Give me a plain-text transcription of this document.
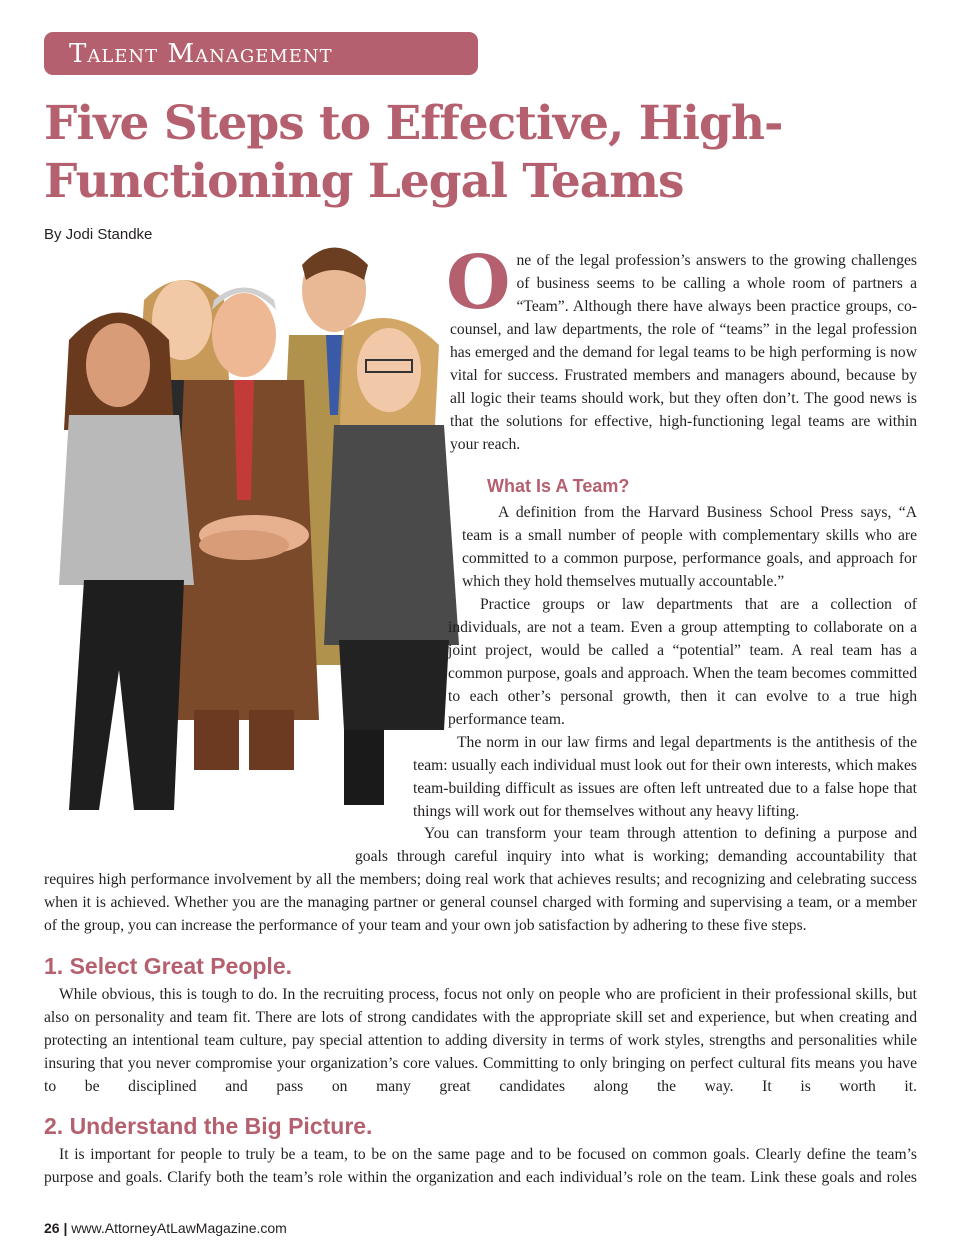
Talent Management
Five Steps to Effective, High- Functioning Legal Teams
By Jodi Standke

One of the legal profession’s answers to the growing challenges of business seems to be calling a whole room of partners a “Team”. Although there have always been practice groups, co-counsel, and law departments, the role of “teams” in the legal profession has emerged and the demand for legal teams to be high performing is now vital for success. Frustrated members and managers abound, because by all logic their teams should work, but they often don’t. The good news is that the solutions for effective, high-functioning legal teams are within your reach.

What Is A Team?

A definition from the Harvard Business School Press says, “A team is a small number of people with complementary skills who are committed to a common purpose, performance goals, and approach for which they hold themselves mutually accountable.”

Practice groups or law departments that are a collection of individuals, are not a team. Even a group attempting to collaborate on a joint project, would be called a “potential” team. A real team has a common purpose, goals and approach. When the team becomes committed to each other’s personal growth, then it can evolve to a true high performance team.

The norm in our law firms and legal departments is the antithesis of the team: usually each individual must look out for their own interests, which makes team-building difficult as issues are often left untreated due to a false hope that things will work out for themselves without any heavy lifting.

You can transform your team through attention to defining a purpose and

goals through careful inquiry into what is working; demanding accountability that

requires high performance involvement by all the members; doing real work that achieves results; and recognizing and celebrating success when it is achieved. Whether you are the managing partner or general counsel charged with forming and supervising a team, or a member of the group, you can increase the performance of your team and your own job satisfaction by adhering to these five steps.

1. Select Great People.

While obvious, this is tough to do. In the recruiting process, focus not only on people who are proficient in their professional skills, but also on personality and team fit. There are lots of strong candidates with the appropriate skill set and experience, but when creating and protecting an intentional team culture, pay special attention to adding diversity in terms of work styles, strengths and personalities while insuring that you never compromise your organization’s core values. Committing to only bringing on perfect cultural fits means you have to be disciplined and pass on many great candidates along the way. It is worth it.

2. Understand the Big Picture.

It is important for people to truly be a team, to be on the same page and to be focused on common goals. Clearly define the team’s purpose and goals. Clarify both the team’s role within the organization and each individual’s role on the team. Link these goals and roles

26 | www.AttorneyAtLawMagazine.com
